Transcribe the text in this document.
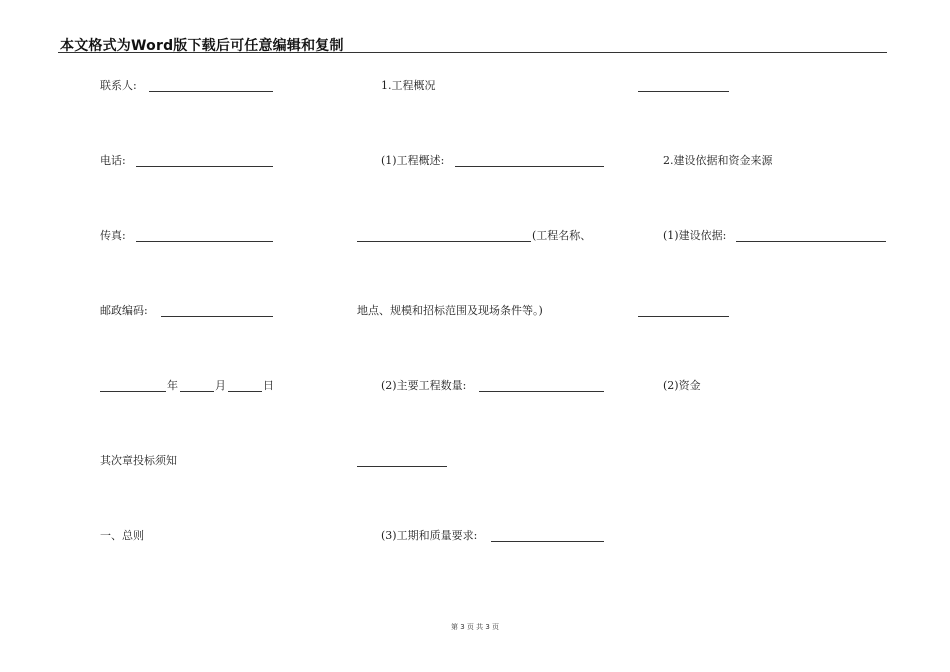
本文格式为Word版下载后可任意编辑和复制
联系人:
电话:
传真:
邮政编码:
年	月	日
其次章投标须知
一、总则
1.工程概况
(1)工程概述:
(工程名称、
地点、规模和招标范围及现场条件等。)
(2)主要工程数量:
(3)工期和质量要求:
2.建设依据和资金来源
(1)建设依据:
(2)资金
第 3 页 共 3 页
